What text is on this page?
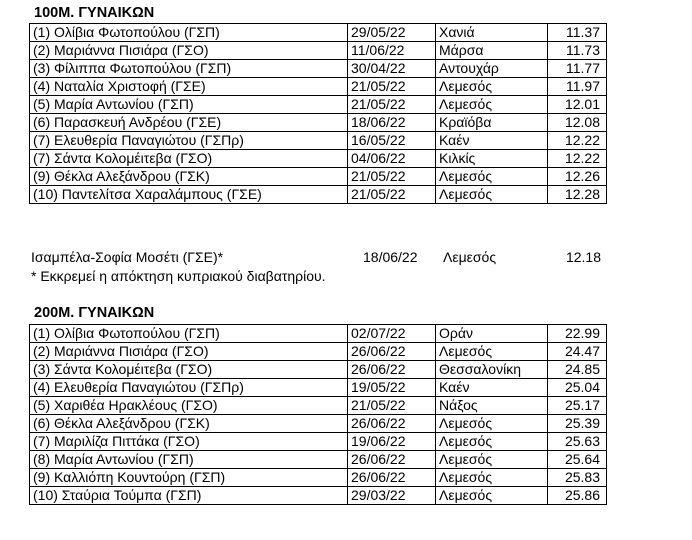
100Μ. ΓΥΝΑΙΚΩΝ
(1) Ολίβια Φωτοπούλου (ΓΣΠ)	29/05/22	Χανιά	11.37
(2) Μαριάννα Πισιάρα (ΓΣΟ)	11/06/22	Μάρσα	11.73
(3) Φίλιππα Φωτοπούλου (ΓΣΠ)	30/04/22	Αντουχάρ	11.77
(4) Ναταλία Χριστοφή (ΓΣΕ)	21/05/22	Λεμεσός	11.97
(5) Μαρία Αντωνίου (ΓΣΠ)	21/05/22	Λεμεσός	12.01
(6) Παρασκευή Ανδρέου (ΓΣΕ)	18/06/22	Κραϊόβα	12.08
(7) Ελευθερία Παναγιώτου (ΓΣΠρ)	16/05/22	Καέν	12.22
(7) Σάντα Κολομέιτεβα (ΓΣΟ)	04/06/22	Κιλκίς	12.22
(9) Θέκλα Αλεξάνδρου (ΓΣΚ)	21/05/22	Λεμεσός	12.26
(10) Παντελίτσα Χαραλάμπους (ΓΣΕ)	21/05/22	Λεμεσός	12.28
Ισαμπέλα-Σοφία Μοσέτι (ΓΣΕ)*	18/06/22 Λεμεσός	12.18
* Εκκρεμεί η απόκτηση κυπριακού διαβατηρίου.
200Μ. ΓΥΝΑΙΚΩΝ
(1) Ολίβια Φωτοπούλου (ΓΣΠ)	02/07/22	Οράν	22.99
(2) Μαριάννα Πισιάρα (ΓΣΟ)	26/06/22	Λεμεσός	24.47
(3) Σάντα Κολομέιτεβα (ΓΣΟ)	26/06/22	Θεσσαλονίκη	24.85
(4) Ελευθερία Παναγιώτου (ΓΣΠρ)	19/05/22	Καέν	25.04
(5) Χαριθέα Ηρακλέους (ΓΣΟ)	21/05/22	Νάξος	25.17
(6) Θέκλα Αλεξάνδρου (ΓΣΚ)	26/06/22	Λεμεσός	25.39
(7) Μαριλίζα Πιττάκα (ΓΣΟ)	19/06/22	Λεμεσός	25.63
(8) Μαρία Αντωνίου (ΓΣΠ)	26/06/22	Λεμεσός	25.64
(9) Καλλιόπη Κουντούρη (ΓΣΠ)	26/06/22	Λεμεσός	25.83
(10) Σταύρια Τούμπα (ΓΣΠ)	29/03/22	Λεμεσός	25.86
